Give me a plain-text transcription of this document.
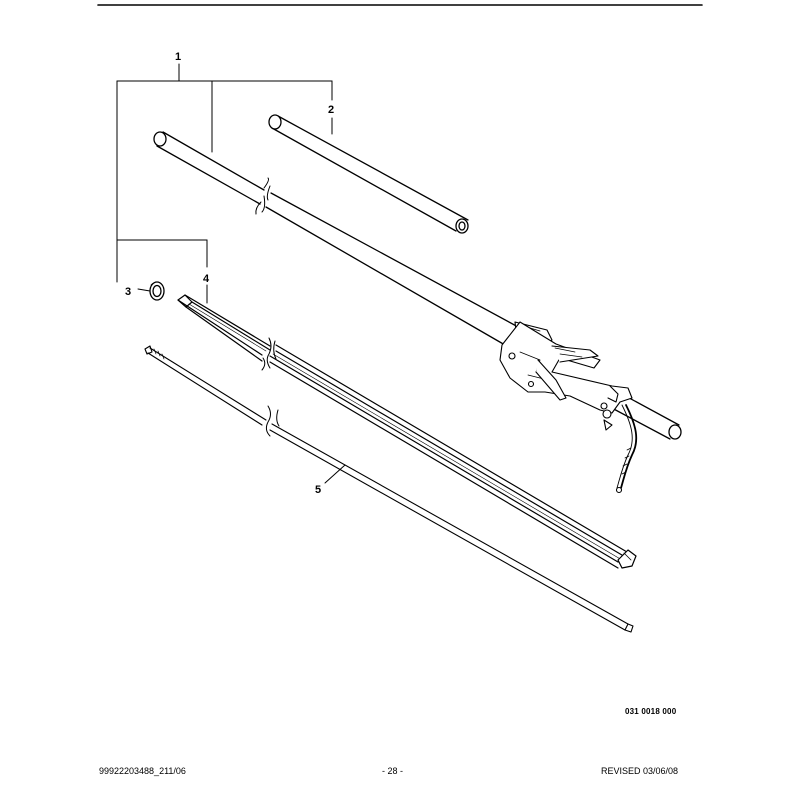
1
2
3
4
5
031 0018 000
99922203488_211/06	- 28 -	REVISED 03/06/08
